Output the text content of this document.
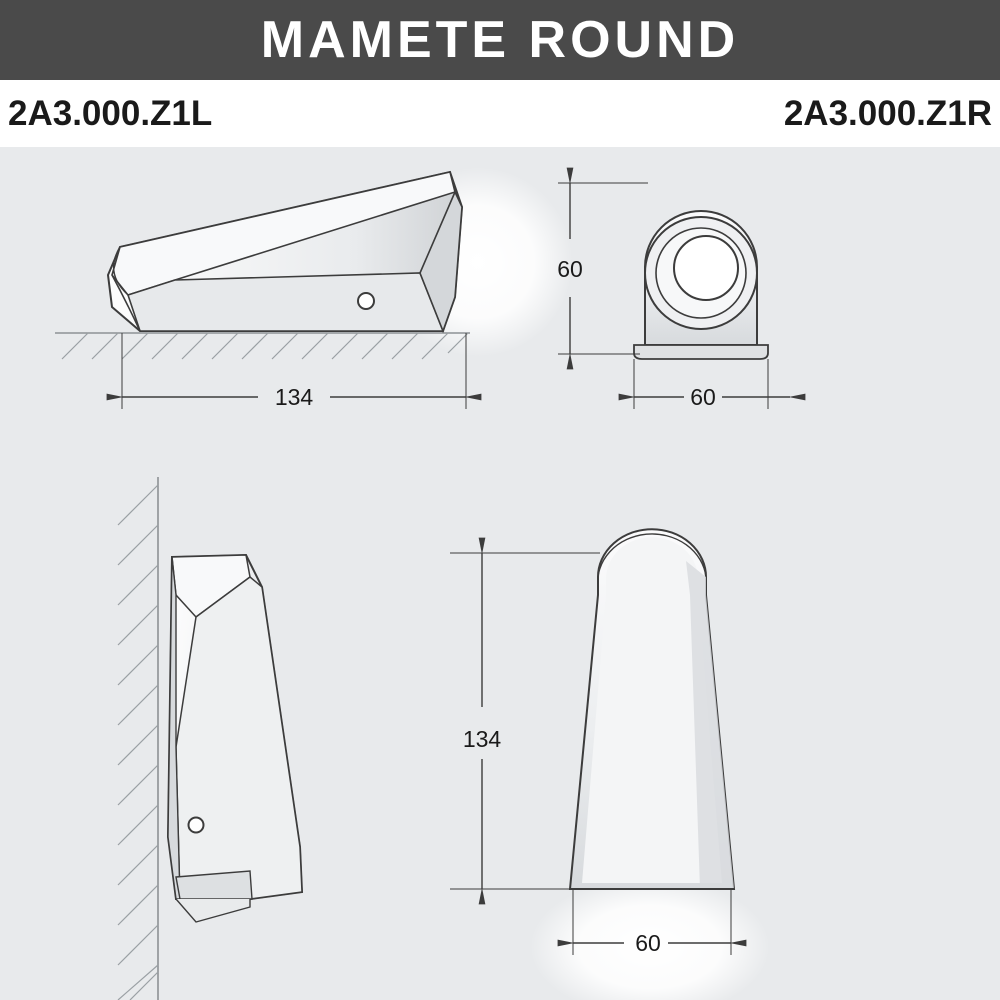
MAMETE ROUND
2A3.000.Z1L	2A3.000.Z1R
134
60
60
134
60
